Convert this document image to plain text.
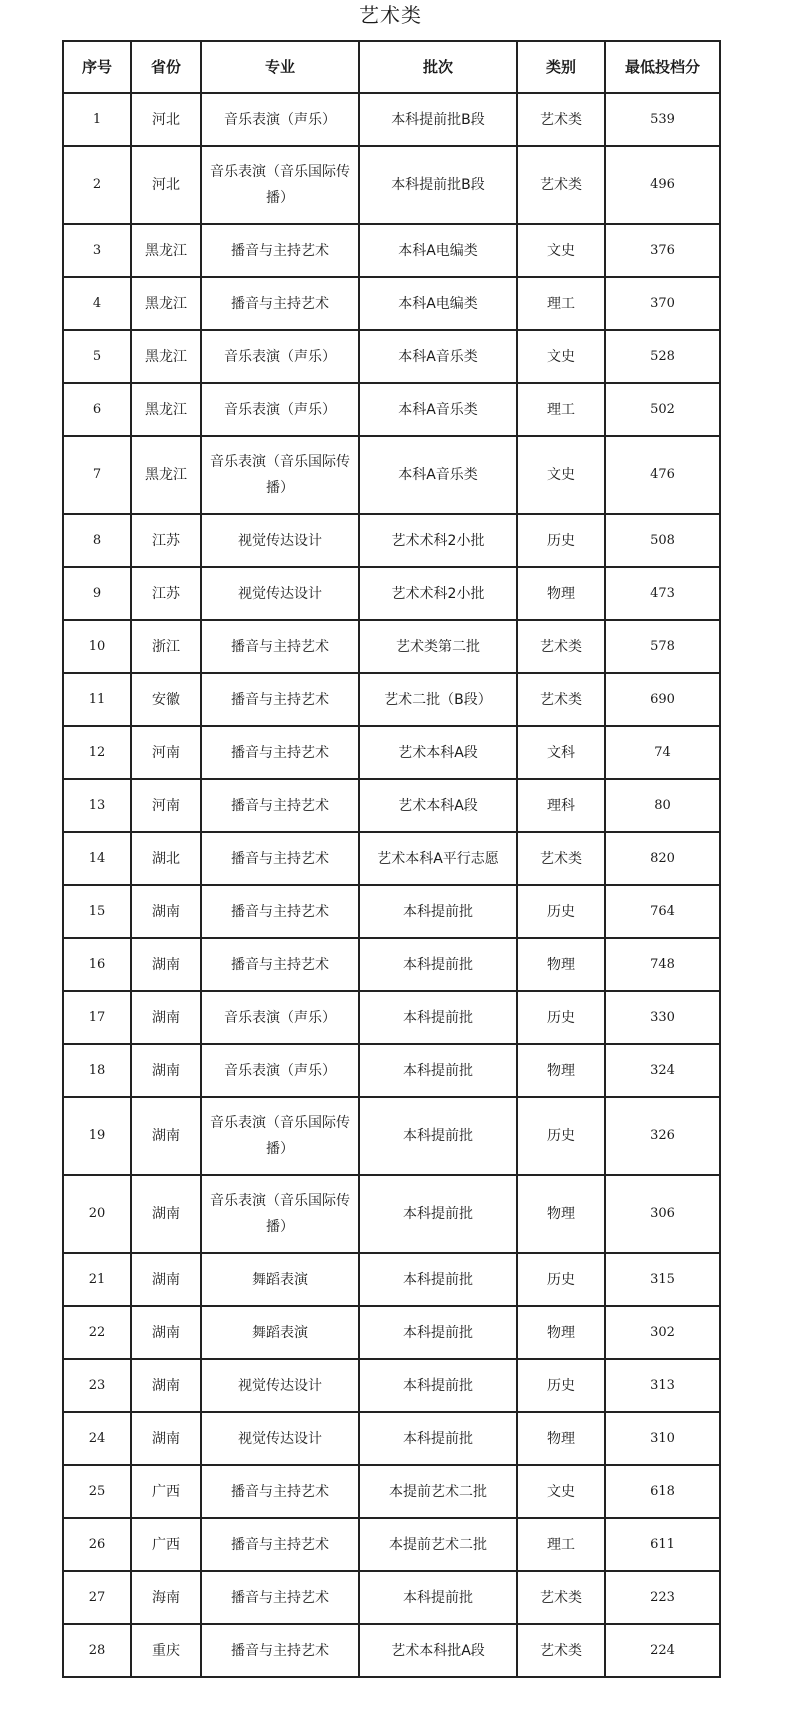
艺术类
序号	省份	专业	批次	类别	最低投档分
1	河北	音乐表演（声乐）	本科提前批B段	艺术类	539
2	河北	音乐表演（音乐国际传播）	本科提前批B段	艺术类	496
3	黑龙江	播音与主持艺术	本科A电编类	文史	376
4	黑龙江	播音与主持艺术	本科A电编类	理工	370
5	黑龙江	音乐表演（声乐）	本科A音乐类	文史	528
6	黑龙江	音乐表演（声乐）	本科A音乐类	理工	502
7	黑龙江	音乐表演（音乐国际传播）	本科A音乐类	文史	476
8	江苏	视觉传达设计	艺术术科2小批	历史	508
9	江苏	视觉传达设计	艺术术科2小批	物理	473
10	浙江	播音与主持艺术	艺术类第二批	艺术类	578
11	安徽	播音与主持艺术	艺术二批（B段）	艺术类	690
12	河南	播音与主持艺术	艺术本科A段	文科	74
13	河南	播音与主持艺术	艺术本科A段	理科	80
14	湖北	播音与主持艺术	艺术本科A平行志愿	艺术类	820
15	湖南	播音与主持艺术	本科提前批	历史	764
16	湖南	播音与主持艺术	本科提前批	物理	748
17	湖南	音乐表演（声乐）	本科提前批	历史	330
18	湖南	音乐表演（声乐）	本科提前批	物理	324
19	湖南	音乐表演（音乐国际传播）	本科提前批	历史	326
20	湖南	音乐表演（音乐国际传播）	本科提前批	物理	306
21	湖南	舞蹈表演	本科提前批	历史	315
22	湖南	舞蹈表演	本科提前批	物理	302
23	湖南	视觉传达设计	本科提前批	历史	313
24	湖南	视觉传达设计	本科提前批	物理	310
25	广西	播音与主持艺术	本提前艺术二批	文史	618
26	广西	播音与主持艺术	本提前艺术二批	理工	611
27	海南	播音与主持艺术	本科提前批	艺术类	223
28	重庆	播音与主持艺术	艺术本科批A段	艺术类	224
